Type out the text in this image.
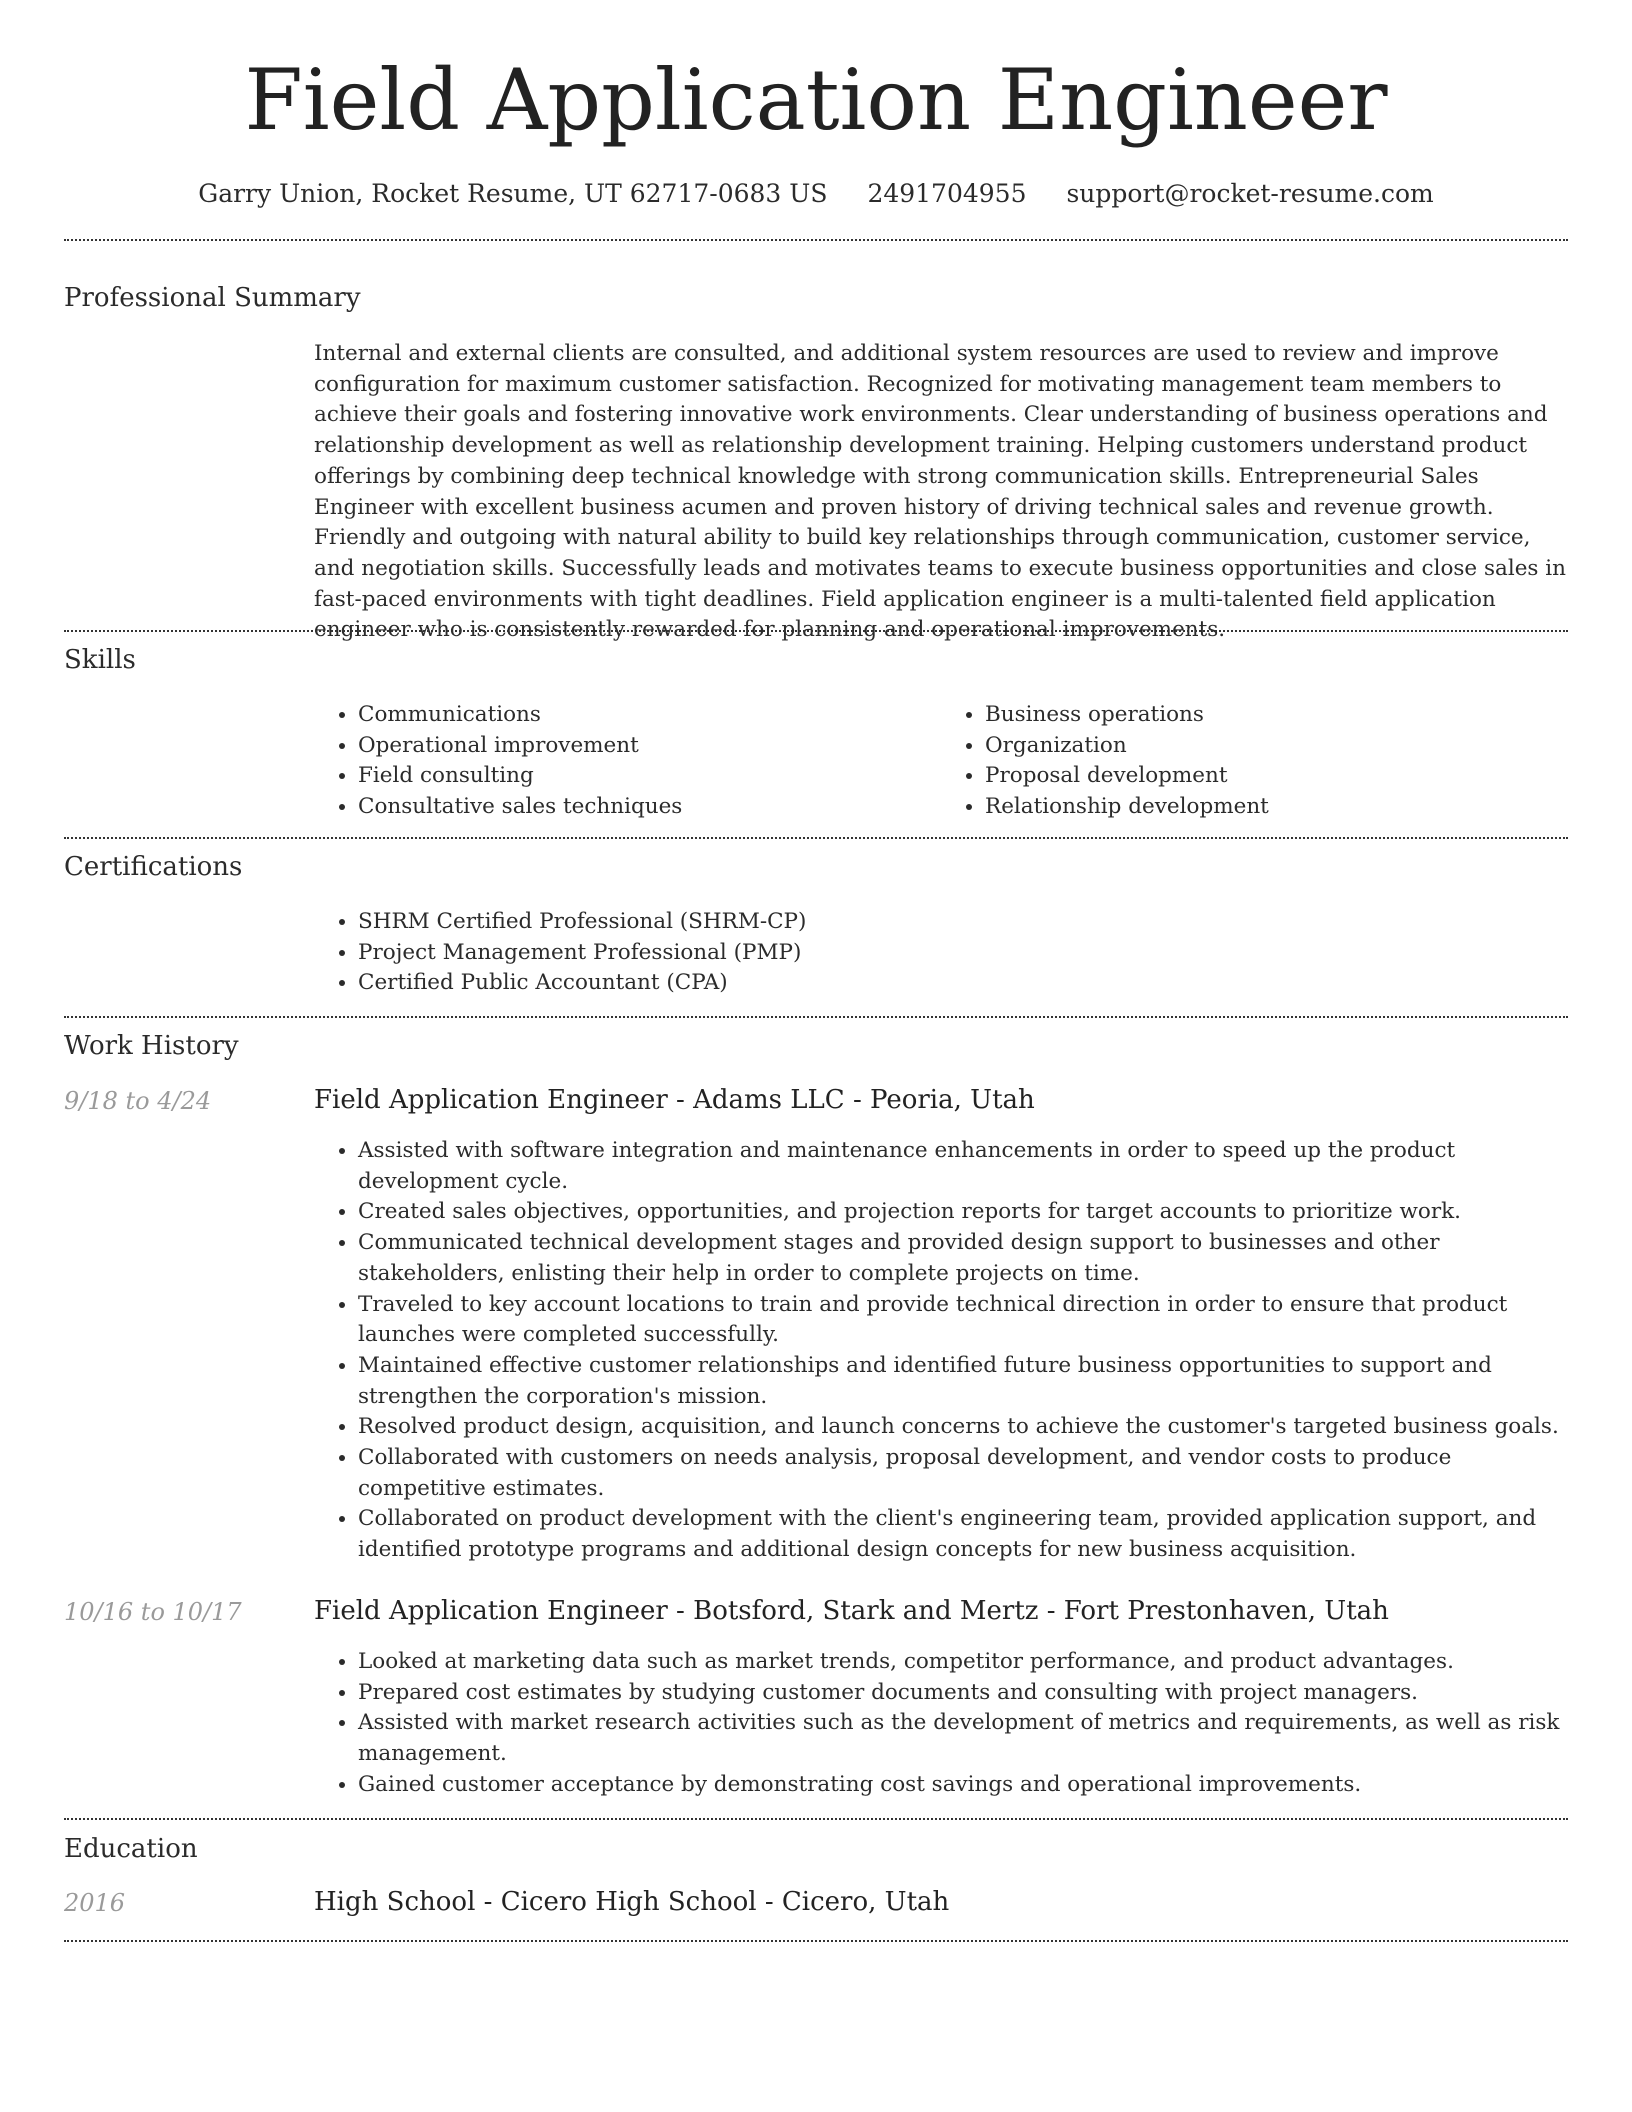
Field Application Engineer
Garry Union, Rocket Resume, UT 62717-0683 US 2491704955 support@rocket-resume.com
Professional Summary
Internal and external clients are consulted, and additional system resources are used to review and improve configuration for maximum customer satisfaction. Recognized for motivating management team members to achieve their goals and fostering innovative work environments. Clear understanding of business operations and relationship development as well as relationship development training. Helping customers understand product offerings by combining deep technical knowledge with strong communication skills. Entrepreneurial Sales Engineer with excellent business acumen and proven history of driving technical sales and revenue growth. Friendly and outgoing with natural ability to build key relationships through communication, customer service, and negotiation skills. Successfully leads and motivates teams to execute business opportunities and close sales in fast-paced environments with tight deadlines. Field application engineer is a multi-talented field application engineer who is consistently rewarded for planning and operational improvements.
Skills
• Communications
• Operational improvement
• Field consulting
• Consultative sales techniques
• Business operations
• Organization
• Proposal development
• Relationship development
Certifications
• SHRM Certified Professional (SHRM-CP)
• Project Management Professional (PMP)
• Certified Public Accountant (CPA)
Work History
9/18 to 4/24	Field Application Engineer - Adams LLC - Peoria, Utah
• Assisted with software integration and maintenance enhancements in order to speed up the product development cycle.
• Created sales objectives, opportunities, and projection reports for target accounts to prioritize work.
• Communicated technical development stages and provided design support to businesses and other stakeholders, enlisting their help in order to complete projects on time.
• Traveled to key account locations to train and provide technical direction in order to ensure that product launches were completed successfully.
• Maintained effective customer relationships and identified future business opportunities to support and strengthen the corporation's mission.
• Resolved product design, acquisition, and launch concerns to achieve the customer's targeted business goals.
• Collaborated with customers on needs analysis, proposal development, and vendor costs to produce competitive estimates.
• Collaborated on product development with the client's engineering team, provided application support, and identified prototype programs and additional design concepts for new business acquisition.
10/16 to 10/17	Field Application Engineer - Botsford, Stark and Mertz - Fort Prestonhaven, Utah
• Looked at marketing data such as market trends, competitor performance, and product advantages.
• Prepared cost estimates by studying customer documents and consulting with project managers.
• Assisted with market research activities such as the development of metrics and requirements, as well as risk management.
• Gained customer acceptance by demonstrating cost savings and operational improvements.
Education
2016	High School - Cicero High School - Cicero, Utah
